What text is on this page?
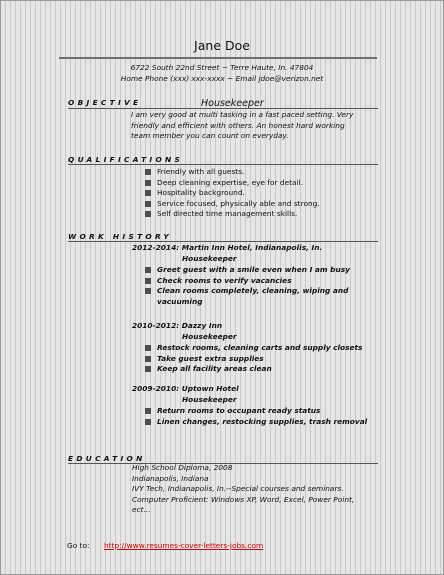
Jane Doe
6722 South 22nd Street ~ Terre Haute, In. 47804
Home Phone (xxx) xxx-xxxx ~ Email jdoe@verizon.net
OBJECTIVE	Housekeeper
I am very good at multi tasking in a fast paced setting. Very
friendly and efficient with others. An honest hard working
team member you can count on everyday.
QUALIFICATIONS
Friendly with all guests.
Deep cleaning expertise, eye for detail.
Hospitality background.
Service focused, physically able and strong.
Self directed time management skills.
WORK HISTORY
2012-2014: Martin Inn Hotel, Indianapolis, In.
Housekeeper
Greet guest with a smile even when I am busy
Check rooms to verify vacancies
Clean rooms completely, cleaning, wiping and
vacuuming
2010-2012: Dazzy Inn
Housekeeper
Restock rooms, cleaning carts and supply closets
Take guest extra supplies
Keep all facility areas clean
2009-2010: Uptown Hotel
Housekeeper
Return rooms to occupant ready status
Linen changes, restocking supplies, trash removal
EDUCATION
High School Diploma, 2008
Indianapolis, Indiana
IVY Tech, Indianapolis, In.--Special courses and seminars.
Computer Proficient: Windows XP, Word, Excel, Power Point,
ect...
Go to: http://www.resumes-cover-letters-jobs.com
